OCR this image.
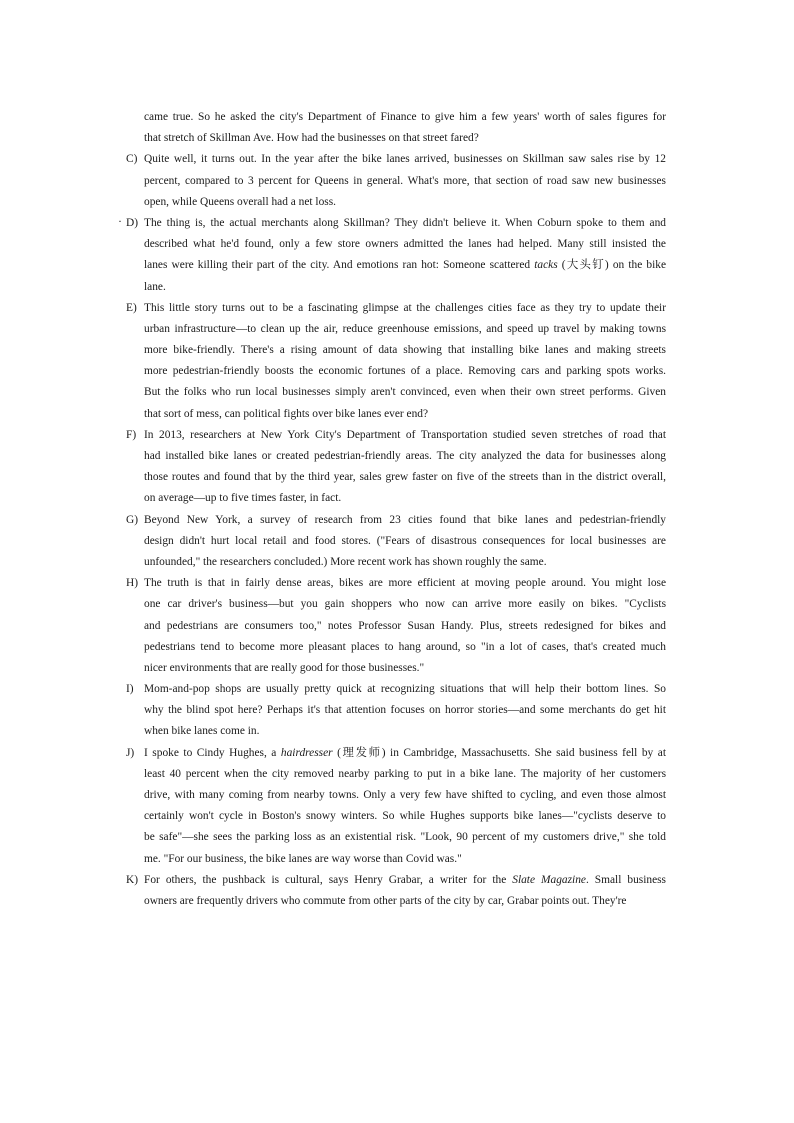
·
came true. So he asked the city's Department of Finance to give him a few years' worth of sales figures for
that stretch of Skillman Ave. How had the businesses on that street fared?
C) Quite well, it turns out. In the year after the bike lanes arrived, businesses on Skillman saw sales rise by 12
percent, compared to 3 percent for Queens in general. What's more, that section of road saw new businesses
open, while Queens overall had a net loss.
D) The thing is, the actual merchants along Skillman? They didn't believe it. When Coburn spoke to them and
described what he'd found, only a few store owners admitted the lanes had helped. Many still insisted the
lanes were killing their part of the city. And emotions ran hot: Someone scattered tacks (大头钉) on the bike
lane.
E) This little story turns out to be a fascinating glimpse at the challenges cities face as they try to update their
urban infrastructure—to clean up the air, reduce greenhouse emissions, and speed up travel by making towns
more bike-friendly. There's a rising amount of data showing that installing bike lanes and making streets
more pedestrian-friendly boosts the economic fortunes of a place. Removing cars and parking spots works.
But the folks who run local businesses simply aren't convinced, even when their own street performs. Given
that sort of mess, can political fights over bike lanes ever end?
F) In 2013, researchers at New York City's Department of Transportation studied seven stretches of road that
had installed bike lanes or created pedestrian-friendly areas. The city analyzed the data for businesses along
those routes and found that by the third year, sales grew faster on five of the streets than in the district overall,
on average—up to five times faster, in fact.
G) Beyond New York, a survey of research from 23 cities found that bike lanes and pedestrian-friendly
design didn't hurt local retail and food stores. ("Fears of disastrous consequences for local businesses are
unfounded," the researchers concluded.) More recent work has shown roughly the same.
H) The truth is that in fairly dense areas, bikes are more efficient at moving people around. You might lose
one car driver's business—but you gain shoppers who now can arrive more easily on bikes. "Cyclists
and pedestrians are consumers too," notes Professor Susan Handy. Plus, streets redesigned for bikes and
pedestrians tend to become more pleasant places to hang around, so "in a lot of cases, that's created much
nicer environments that are really good for those businesses."
I) Mom-and-pop shops are usually pretty quick at recognizing situations that will help their bottom lines. So
why the blind spot here? Perhaps it's that attention focuses on horror stories—and some merchants do get hit
when bike lanes come in.
J) I spoke to Cindy Hughes, a hairdresser (理发师) in Cambridge, Massachusetts. She said business fell by at
least 40 percent when the city removed nearby parking to put in a bike lane. The majority of her customers
drive, with many coming from nearby towns. Only a very few have shifted to cycling, and even those almost
certainly won't cycle in Boston's snowy winters. So while Hughes supports bike lanes—"cyclists deserve to
be safe"—she sees the parking loss as an existential risk. "Look, 90 percent of my customers drive," she told
me. "For our business, the bike lanes are way worse than Covid was."
K) For others, the pushback is cultural, says Henry Grabar, a writer for the Slate Magazine. Small business
owners are frequently drivers who commute from other parts of the city by car, Grabar points out. They're
